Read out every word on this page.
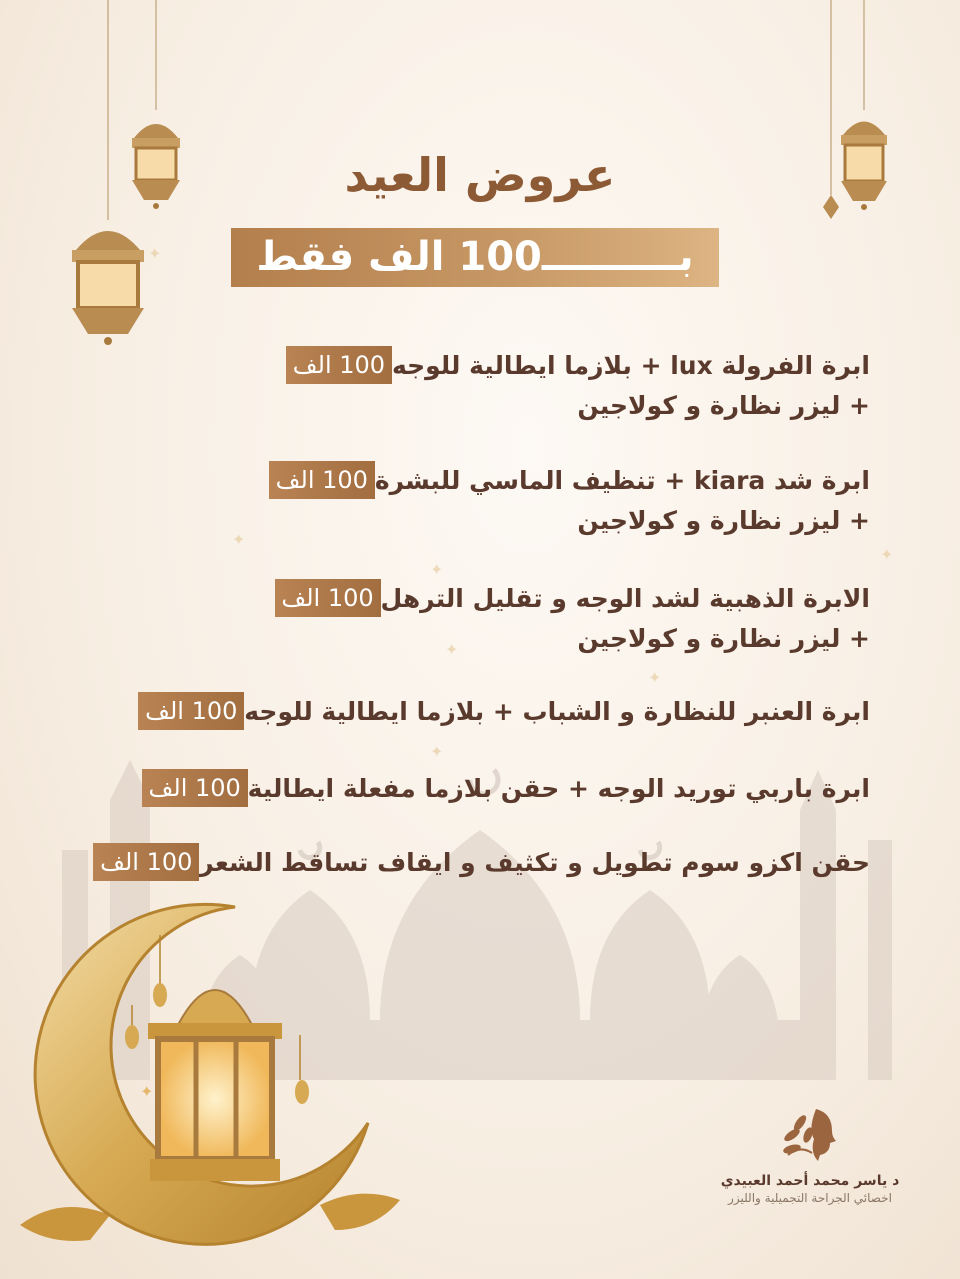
✦
✦
✦
✦
✦
✦
✦
عروض العيد
بــــــــــ100 الف فقط
100 الف ابرة الفرولة lux + بلازما ايطالية للوجه
+ ليزر نظارة و كولاجين
100 الف ابرة شد kiara + تنظيف الماسي للبشرة
+ ليزر نظارة و كولاجين
100 الف الابرة الذهبية لشد الوجه و تقليل الترهل
+ ليزر نظارة و كولاجين
100 الف ابرة العنبر للنظارة و الشباب + بلازما ايطالية للوجه
100 الف ابرة باربي توريد الوجه + حقن بلازما مفعلة ايطالية
100 الف حقن اكزو سوم تطويل و تكثيف و ايقاف تساقط الشعر
✦
د ياسر محمد أحمد العبيدي
اخصائي الجراحة التجميلية والليزر
